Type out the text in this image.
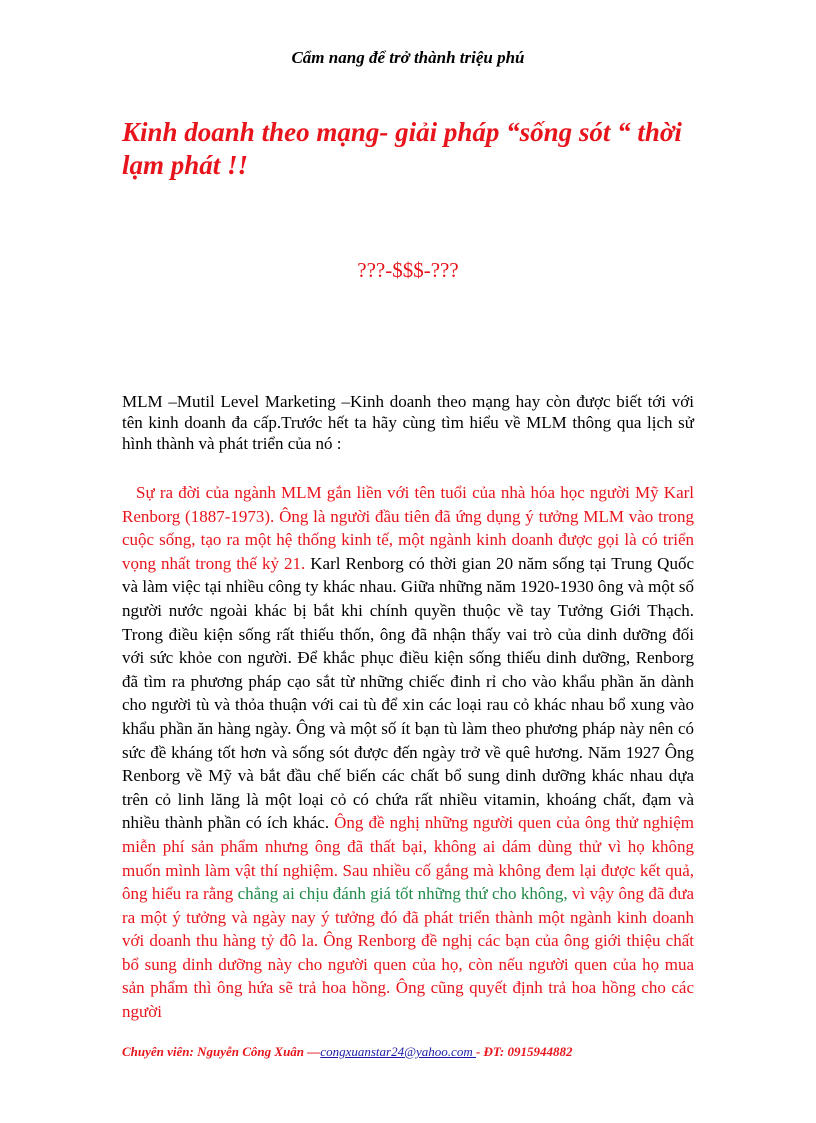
Cẩm nang để trở thành triệu phú
Kinh doanh theo mạng- giải pháp “sống sót “ thời lạm phát !!
???-$$$-???
MLM –Mutil Level Marketing –Kinh doanh theo mạng hay còn được biết tới với tên kinh doanh đa cấp.Trước hết ta hãy cùng tìm hiểu về MLM thông qua lịch sử hình thành và phát triển của nó :
Sự ra đời của ngành MLM gắn liền với tên tuổi của nhà hóa học người Mỹ Karl Renborg (1887-1973). Ông là người đầu tiên đã ứng dụng ý tưởng MLM vào trong cuộc sống, tạo ra một hệ thống kinh tế, một ngành kinh doanh được gọi là có triển vọng nhất trong thế kỷ 21. Karl Renborg có thời gian 20 năm sống tại Trung Quốc và làm việc tại nhiều công ty khác nhau. Giữa những năm 1920-1930 ông và một số người nước ngoài khác bị bắt khi chính quyền thuộc về tay Tưởng Giới Thạch. Trong điều kiện sống rất thiếu thốn, ông đã nhận thấy vai trò của dinh dưỡng đối với sức khỏe con người. Để khắc phục điều kiện sống thiếu dinh dưỡng, Renborg đã tìm ra phương pháp cạo sắt từ những chiếc đinh rỉ cho vào khẩu phần ăn dành cho người tù và thỏa thuận với cai tù để xin các loại rau cỏ khác nhau bổ xung vào khẩu phần ăn hàng ngày. Ông và một số ít bạn tù làm theo phương pháp này nên có sức đề kháng tốt hơn và sống sót được đến ngày trở về quê hương. Năm 1927 Ông Renborg về Mỹ và bắt đầu chế biến các chất bổ sung dinh dưỡng khác nhau dựa trên cỏ linh lăng là một loại cỏ có chứa rất nhiều vitamin, khoáng chất, đạm và nhiều thành phần có ích khác. Ông đề nghị những người quen của ông thử nghiệm miễn phí sản phẩm nhưng ông đã thất bại, không ai dám dùng thử vì họ không muốn mình làm vật thí nghiệm. Sau nhiều cố gắng mà không đem lại được kết quả, ông hiểu ra rằng chẳng ai chịu đánh giá tốt những thứ cho không, vì vậy ông đã đưa ra một ý tưởng và ngày nay ý tưởng đó đã phát triển thành một ngành kinh doanh với doanh thu hàng tỷ đô la. Ông Renborg đề nghị các bạn của ông giới thiệu chất bổ sung dinh dưỡng này cho người quen của họ, còn nếu người quen của họ mua sản phẩm thì ông hứa sẽ trả hoa hồng. Ông cũng quyết định trả hoa hồng cho các người
Chuyên viên: Nguyễn Công Xuân —congxuanstar24@yahoo.com - ĐT: 0915944882
